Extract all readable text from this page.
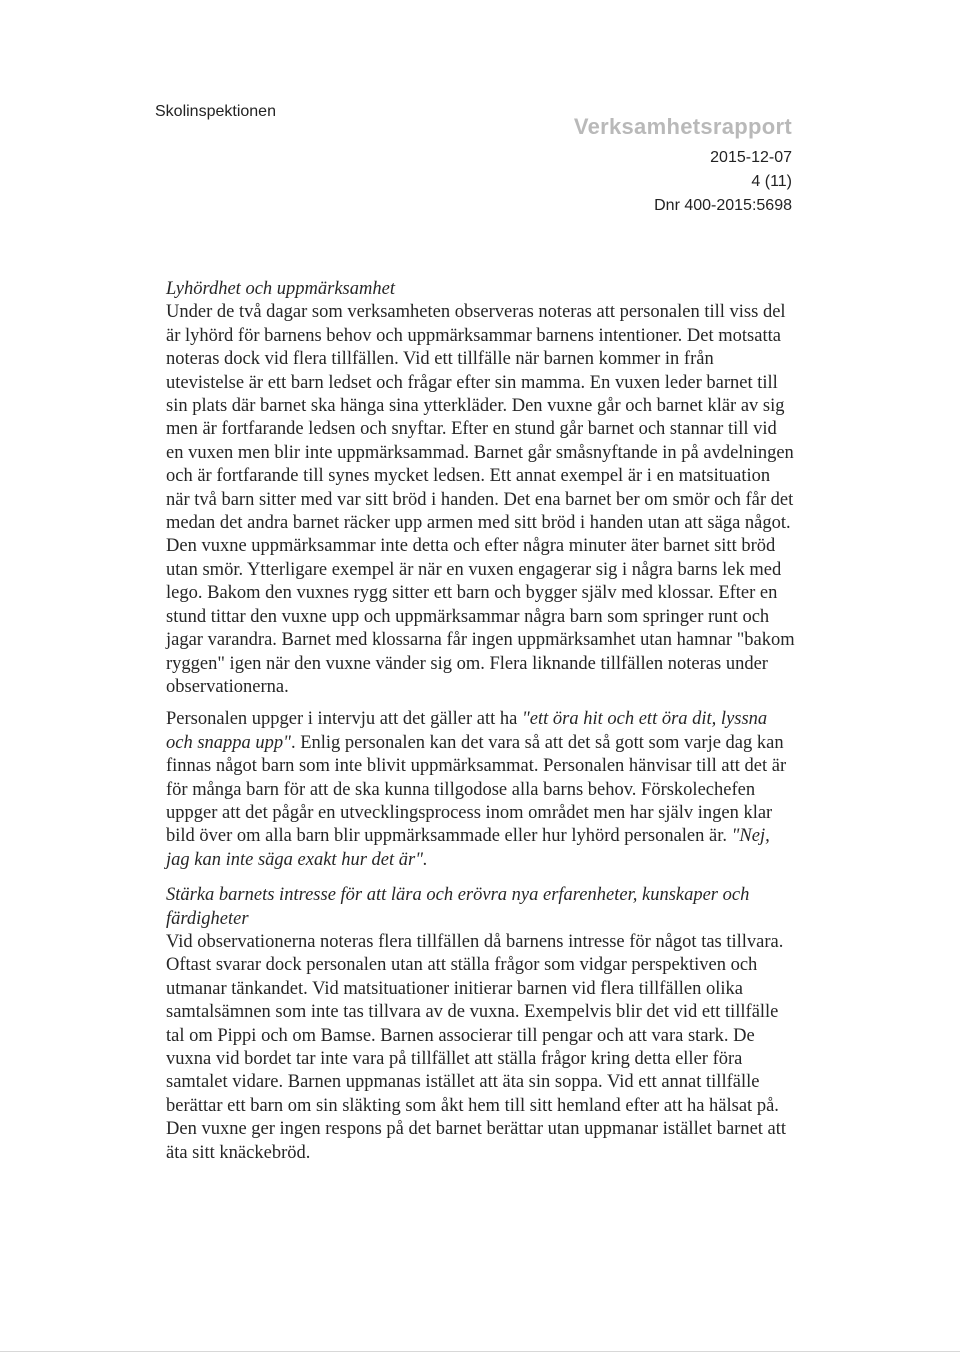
Skolinspektionen
Verksamhetsrapport
2015-12-07
4 (11)
Dnr 400-2015:5698

Lyhördhet och uppmärksamhet

Under de två dagar som verksamheten observeras noteras att personalen till viss del är lyhörd för barnens behov och uppmärksammar barnens intentioner. Det motsatta noteras dock vid flera tillfällen. Vid ett tillfälle när barnen kommer in från utevistelse är ett barn ledset och frågar efter sin mamma. En vuxen leder barnet till sin plats där barnet ska hänga sina ytterkläder. Den vuxne går och barnet klär av sig men är fortfarande ledsen och snyftar. Efter en stund går barnet och stannar till vid en vuxen men blir inte uppmärksammad. Barnet går småsnyftande in på avdelningen och är fortfarande till synes mycket ledsen. Ett annat exempel är i en matsituation när två barn sitter med var sitt bröd i handen. Det ena barnet ber om smör och får det medan det andra barnet räcker upp armen med sitt bröd i handen utan att säga något. Den vuxne uppmärksammar inte detta och efter några minuter äter barnet sitt bröd utan smör. Ytterligare exempel är när en vuxen engagerar sig i några barns lek med lego. Bakom den vuxnes rygg sitter ett barn och bygger själv med klossar. Efter en stund tittar den vuxne upp och uppmärksammar några barn som springer runt och jagar varandra. Barnet med klossarna får ingen uppmärksamhet utan hamnar "bakom ryggen" igen när den vuxne vänder sig om. Flera liknande tillfällen noteras under observationerna.

Personalen uppger i intervju att det gäller att ha "ett öra hit och ett öra dit, lyssna och snappa upp". Enlig personalen kan det vara så att det så gott som varje dag kan finnas något barn som inte blivit uppmärksammat. Personalen hänvisar till att det är för många barn för att de ska kunna tillgodose alla barns behov. Förskolechefen uppger att det pågår en utvecklingsprocess inom området men har själv ingen klar bild över om alla barn blir uppmärksammade eller hur lyhörd personalen är. "Nej, jag kan inte säga exakt hur det är".

Stärka barnets intresse för att lära och erövra nya erfarenheter, kunskaper och färdigheter

Vid observationerna noteras flera tillfällen då barnens intresse för något tas tillvara. Oftast svarar dock personalen utan att ställa frågor som vidgar perspektiven och utmanar tänkandet. Vid matsituationer initierar barnen vid flera tillfällen olika samtalsämnen som inte tas tillvara av de vuxna. Exempelvis blir det vid ett tillfälle tal om Pippi och om Bamse. Barnen associerar till pengar och att vara stark. De vuxna vid bordet tar inte vara på tillfället att ställa frågor kring detta eller föra samtalet vidare. Barnen uppmanas istället att äta sin soppa. Vid ett annat tillfälle berättar ett barn om sin släkting som åkt hem till sitt hemland efter att ha hälsat på. Den vuxne ger ingen respons på det barnet berättar utan uppmanar istället barnet att äta sitt knäckebröd.
